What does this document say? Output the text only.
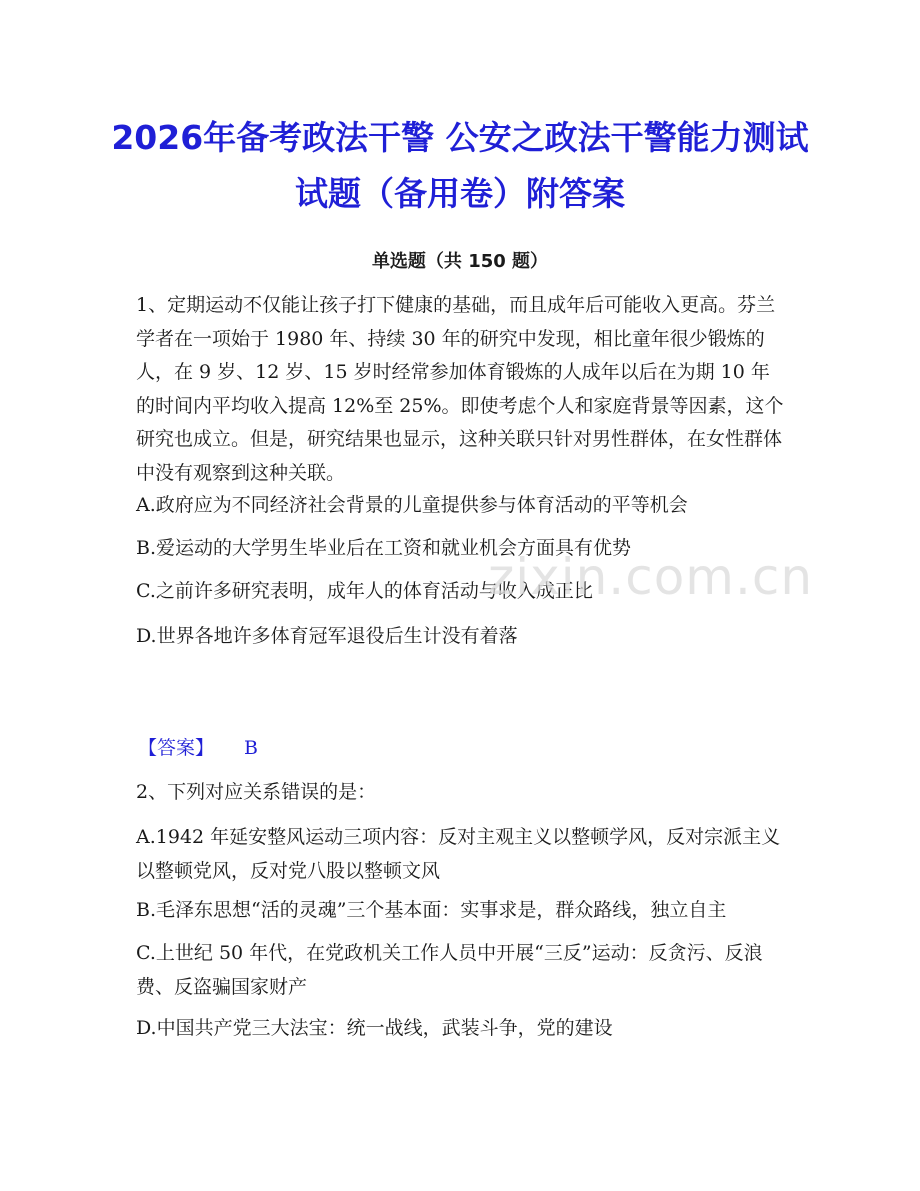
2026年备考政法干警 公安之政法干警能力测试试题（备用卷）附答案
单选题（共 150 题）

1、定期运动不仅能让孩子打下健康的基础，而且成年后可能收入更高。芬兰学者在一项始于 1980 年、持续 30 年的研究中发现，相比童年很少锻炼的人，在 9 岁、12 岁、15 岁时经常参加体育锻炼的人成年以后在为期 10 年的时间内平均收入提高 12%至 25%。即使考虑个人和家庭背景等因素，这个研究也成立。但是，研究结果也显示，这种关联只针对男性群体，在女性群体中没有观察到这种关联。

A.政府应为不同经济社会背景的儿童提供参与体育活动的平等机会

B.爱运动的大学男生毕业后在工资和就业机会方面具有优势

C.之前许多研究表明，成年人的体育活动与收入成正比

D.世界各地许多体育冠军退役后生计没有着落

【答案】 B

2、下列对应关系错误的是：

A.1942 年延安整风运动三项内容：反对主观主义以整顿学风，反对宗派主义以整顿党风，反对党八股以整顿文风

B.毛泽东思想“活的灵魂”三个基本面：实事求是，群众路线，独立自主

C.上世纪 50 年代，在党政机关工作人员中开展“三反”运动：反贪污、反浪费、反盗骗国家财产

D.中国共产党三大法宝：统一战线，武装斗争，党的建设

zixin.com.cn
